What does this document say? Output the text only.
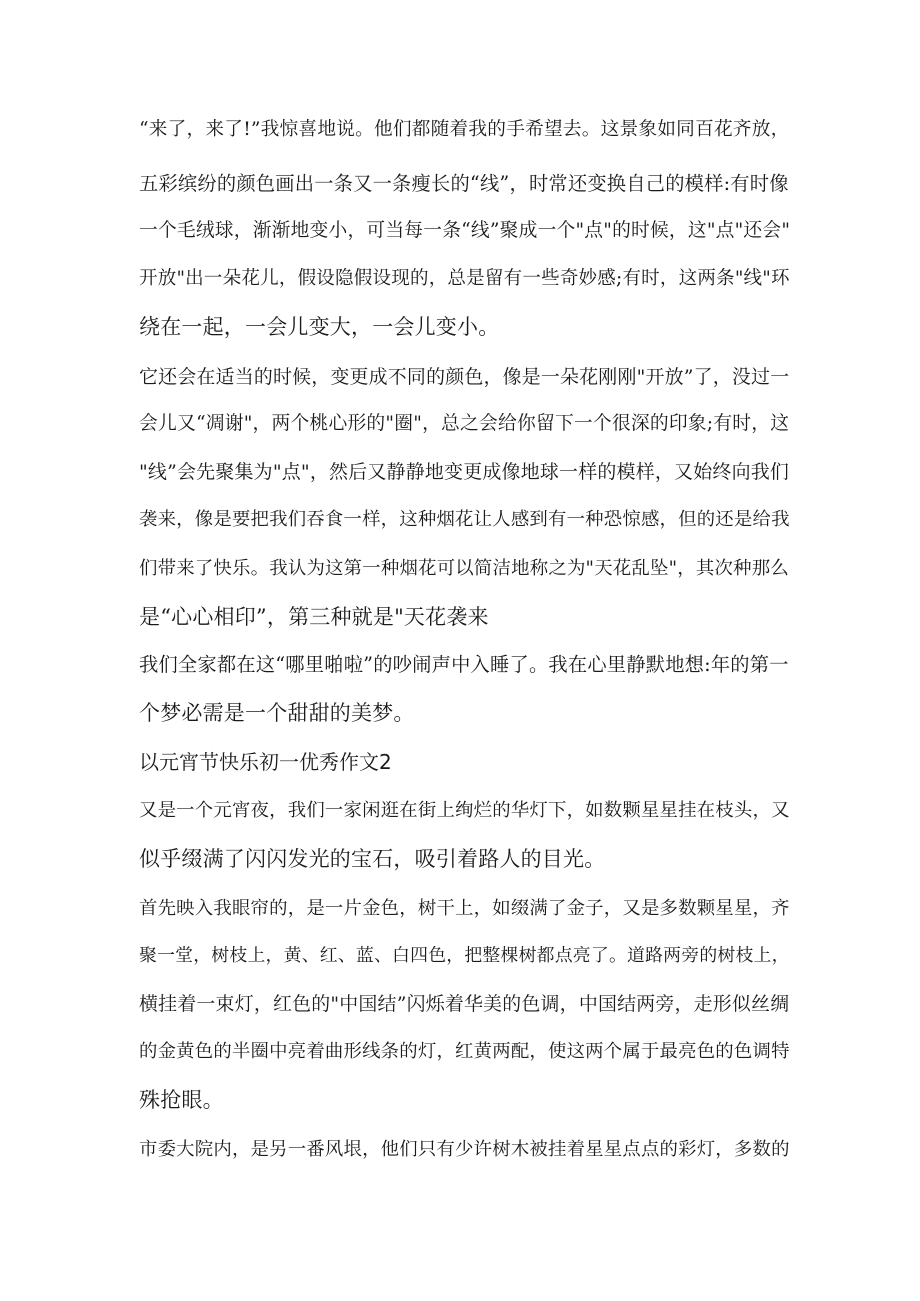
“来了，来了!”我惊喜地说。他们都随着我的手希望去。这景象如同百花齐放，
五彩缤纷的颜色画出一条又一条瘦长的“线”，时常还变换自己的模样:有时像
一个毛绒球，渐渐地变小，可当每一条“线”聚成一个"点"的时候，这"点"还会"
开放"出一朵花儿，假设隐假设现的，总是留有一些奇妙感;有时，这两条"线"环
绕在一起，一会儿变大，一会儿变小。
它还会在适当的时候，变更成不同的颜色，像是一朵花刚刚"开放”了，没过一
会儿又“凋谢"，两个桃心形的"圈"，总之会给你留下一个很深的印象;有时，这
"线”会先聚集为"点"，然后又静静地变更成像地球一样的模样，又始终向我们
袭来，像是要把我们吞食一样，这种烟花让人感到有一种恐惊感，但的还是给我
们带来了快乐。我认为这第一种烟花可以简洁地称之为"天花乱坠"，其次种那么
是“心心相印”，第三种就是"天花袭来
我们全家都在这“哪里啪啦”的吵闹声中入睡了。我在心里静默地想:年的第一
个梦必需是一个甜甜的美梦。
以元宵节快乐初一优秀作文2
又是一个元宵夜，我们一家闲逛在街上绚烂的华灯下，如数颗星星挂在枝头，又
似乎缀满了闪闪发光的宝石，吸引着路人的目光。
首先映入我眼帘的，是一片金色，树干上，如缀满了金子，又是多数颗星星，齐
聚一堂，树枝上，黄、红、蓝、白四色，把整棵树都点亮了。道路两旁的树枝上，
横挂着一束灯，红色的"中国结”闪烁着华美的色调，中国结两旁，走形似丝绸
的金黄色的半圈中亮着曲形线条的灯，红黄两配，使这两个属于最亮色的色调特
殊抢眼。
市委大院内，是另一番风垠，他们只有少许树木被挂着星星点点的彩灯，多数的
